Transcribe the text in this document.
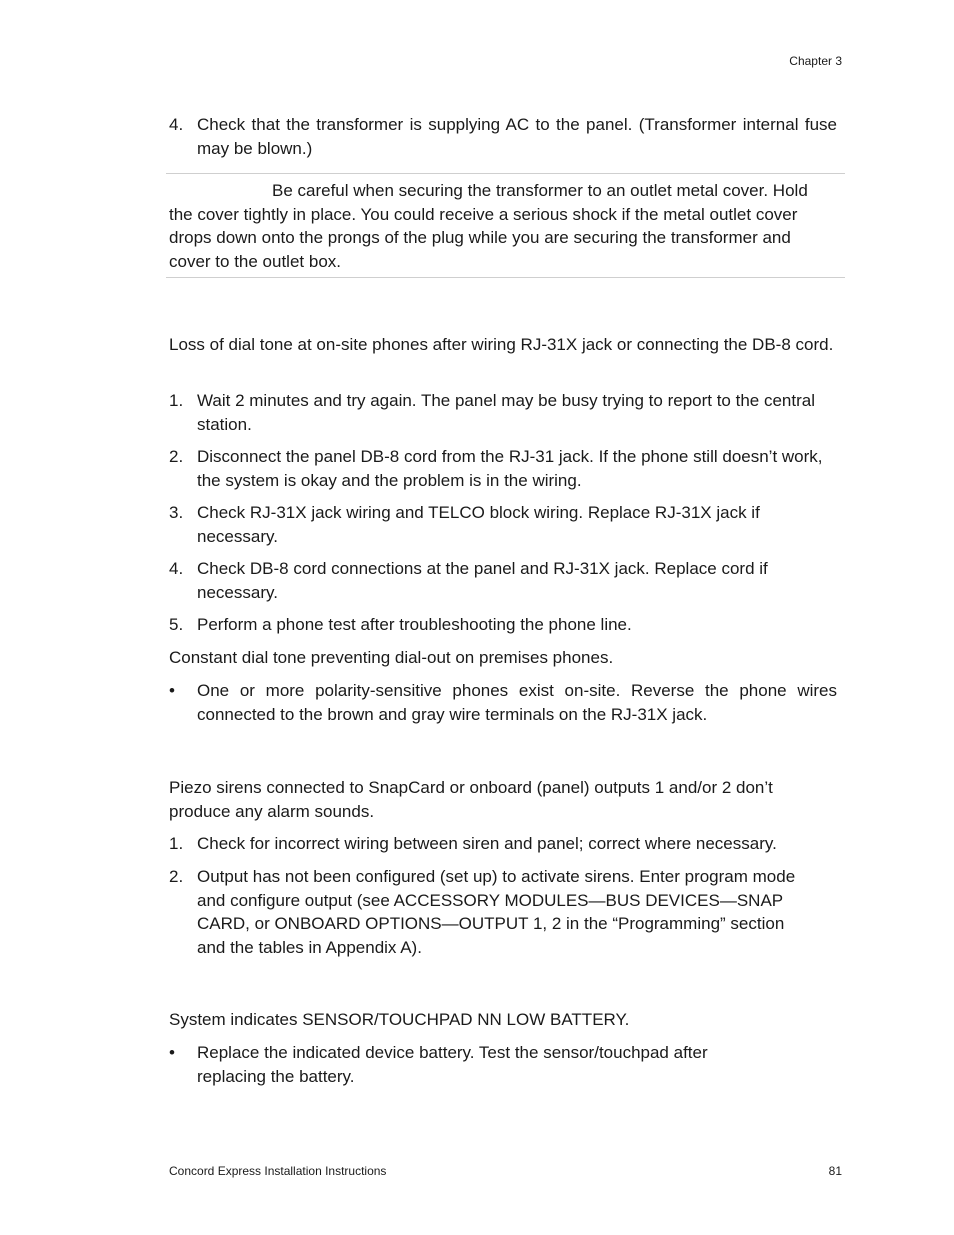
Chapter 3
4. Check that the transformer is supplying AC to the panel. (Transformer internal fuse may be blown.)

Be careful when securing the transformer to an outlet metal cover. Hold the cover tightly in place. You could receive a serious shock if the metal outlet cover drops down onto the prongs of the plug while you are securing the transformer and cover to the outlet box.

Loss of dial tone at on-site phones after wiring RJ-31X jack or connecting the DB-8 cord.
1. Wait 2 minutes and try again. The panel may be busy trying to report to the central station.
2. Disconnect the panel DB-8 cord from the RJ-31 jack. If the phone still doesn’t work, the system is okay and the problem is in the wiring.
3. Check RJ-31X jack wiring and TELCO block wiring. Replace RJ-31X jack if necessary.
4. Check DB-8 cord connections at the panel and RJ-31X jack. Replace cord if necessary.
5. Perform a phone test after troubleshooting the phone line.
Constant dial tone preventing dial-out on premises phones.
•	One or more polarity-sensitive phones exist on-site. Reverse the phone wires connected to the brown and gray wire terminals on the RJ-31X jack.
Piezo sirens connected to SnapCard or onboard (panel) outputs 1 and/or 2 don’t produce any alarm sounds.
1. Check for incorrect wiring between siren and panel; correct where necessary.
2. Output has not been configured (set up) to activate sirens. Enter program mode and configure output (see ACCESSORY MODULES—BUS DEVICES—SNAP CARD, or ONBOARD OPTIONS—OUTPUT 1, 2 in the “Programming” section and the tables in Appendix A).
System indicates SENSOR/TOUCHPAD NN LOW BATTERY.
•	Replace the indicated device battery. Test the sensor/touchpad after replacing the battery.
Concord Express Installation Instructions	81
